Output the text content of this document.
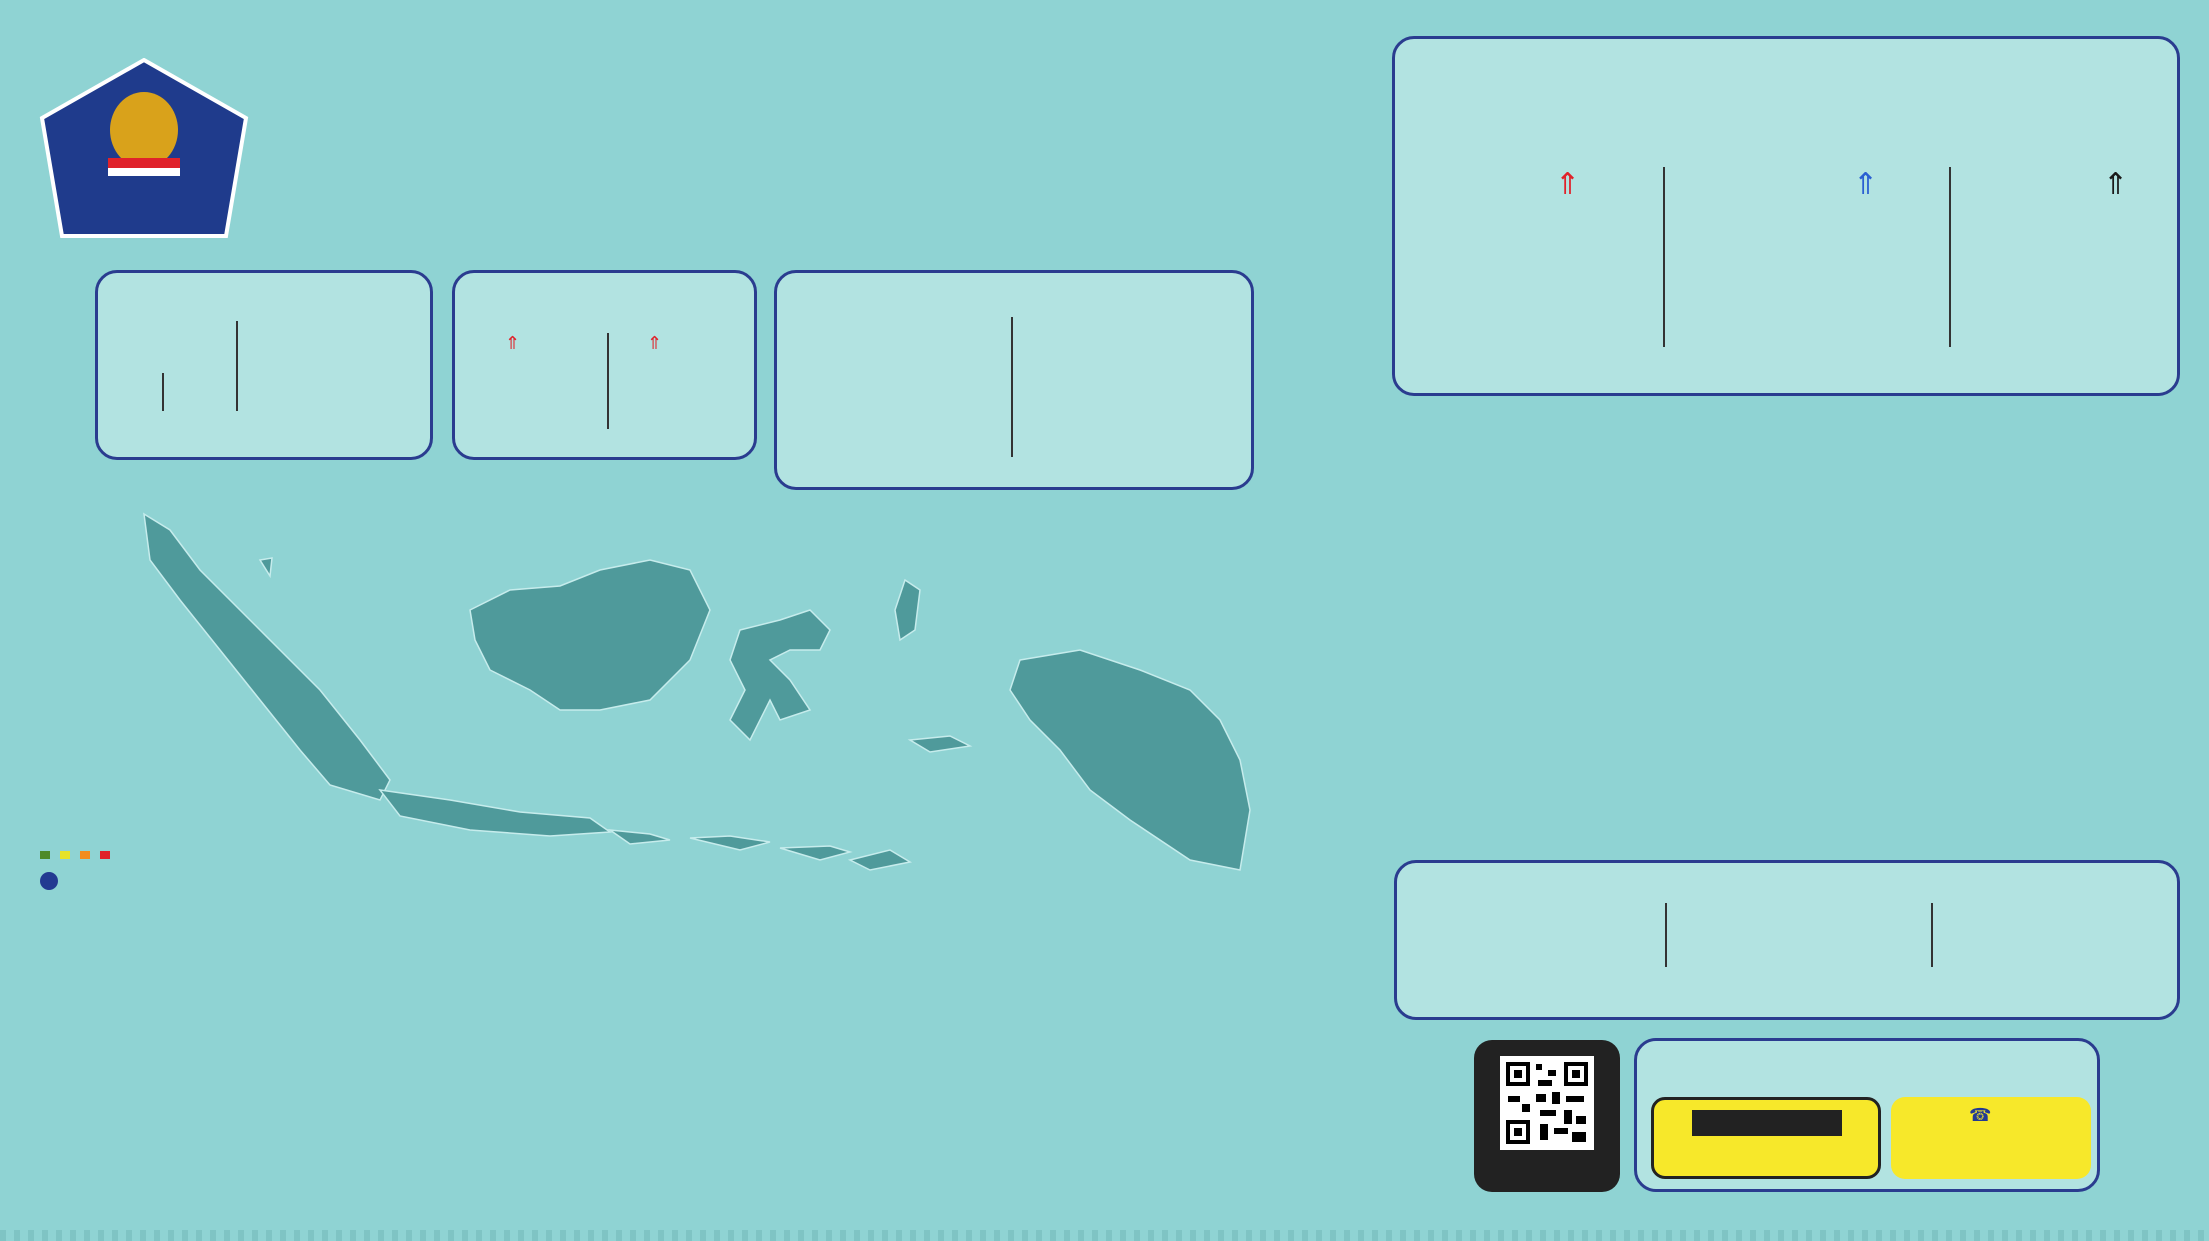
⇑	⇑
⇑	⇑	⇑
☎
